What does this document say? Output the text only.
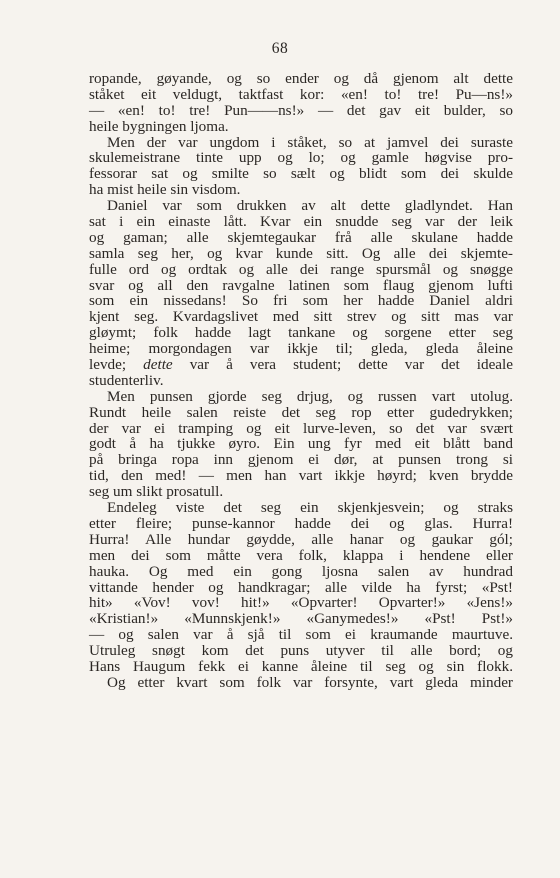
68
ropande, gøyande, og so ender og då gjenom alt dette
ståket eit veldugt, taktfast kor: «en! to! tre! Pu—ns!»
— «en! to! tre! Pun——ns!» — det gav eit bulder, so
heile bygningen ljoma.
Men der var ungdom i ståket, so at jamvel dei suraste
skulemeistrane tinte upp og lo; og gamle høgvise pro-
fessorar sat og smilte so sælt og blidt som dei skulde
ha mist heile sin visdom.
Daniel var som drukken av alt dette gladlyndet. Han
sat i ein einaste lått. Kvar ein snudde seg var der leik
og gaman; alle skjemtegaukar frå alle skulane hadde
samla seg her, og kvar kunde sitt. Og alle dei skjemte-
fulle ord og ordtak og alle dei range spursmål og snøgge
svar og all den ravgalne latinen som flaug gjenom lufti
som ein nissedans! So fri som her hadde Daniel aldri
kjent seg. Kvardagslivet med sitt strev og sitt mas var
gløymt; folk hadde lagt tankane og sorgene etter seg
heime; morgondagen var ikkje til; gleda, gleda åleine
levde; dette var å vera student; dette var det ideale
studenterliv.
Men punsen gjorde seg drjug, og russen vart utolug.
Rundt heile salen reiste det seg rop etter gudedrykken;
der var ei tramping og eit lurve-leven, so det var svært
godt å ha tjukke øyro. Ein ung fyr med eit blått band
på bringa ropa inn gjenom ei dør, at punsen trong si
tid, den med! — men han vart ikkje høyrd; kven brydde
seg um slikt prosatull.
Endeleg viste det seg ein skjenkjesvein; og straks
etter fleire; punse-kannor hadde dei og glas. Hurra!
Hurra! Alle hundar gøydde, alle hanar og gaukar gól;
men dei som måtte vera folk, klappa i hendene eller
hauka. Og med ein gong ljosna salen av hundrad
vittande hender og handkragar; alle vilde ha fyrst; «Pst!
hit» «Vov! vov! hit!» «Opvarter! Opvarter!» «Jens!»
«Kristian!» «Munnskjenk!» «Ganymedes!» «Pst! Pst!»
— og salen var å sjå til som ei kraumande maurtuve.
Utruleg snøgt kom det puns utyver til alle bord; og
Hans Haugum fekk ei kanne åleine til seg og sin flokk.
Og etter kvart som folk var forsynte, vart gleda minder
